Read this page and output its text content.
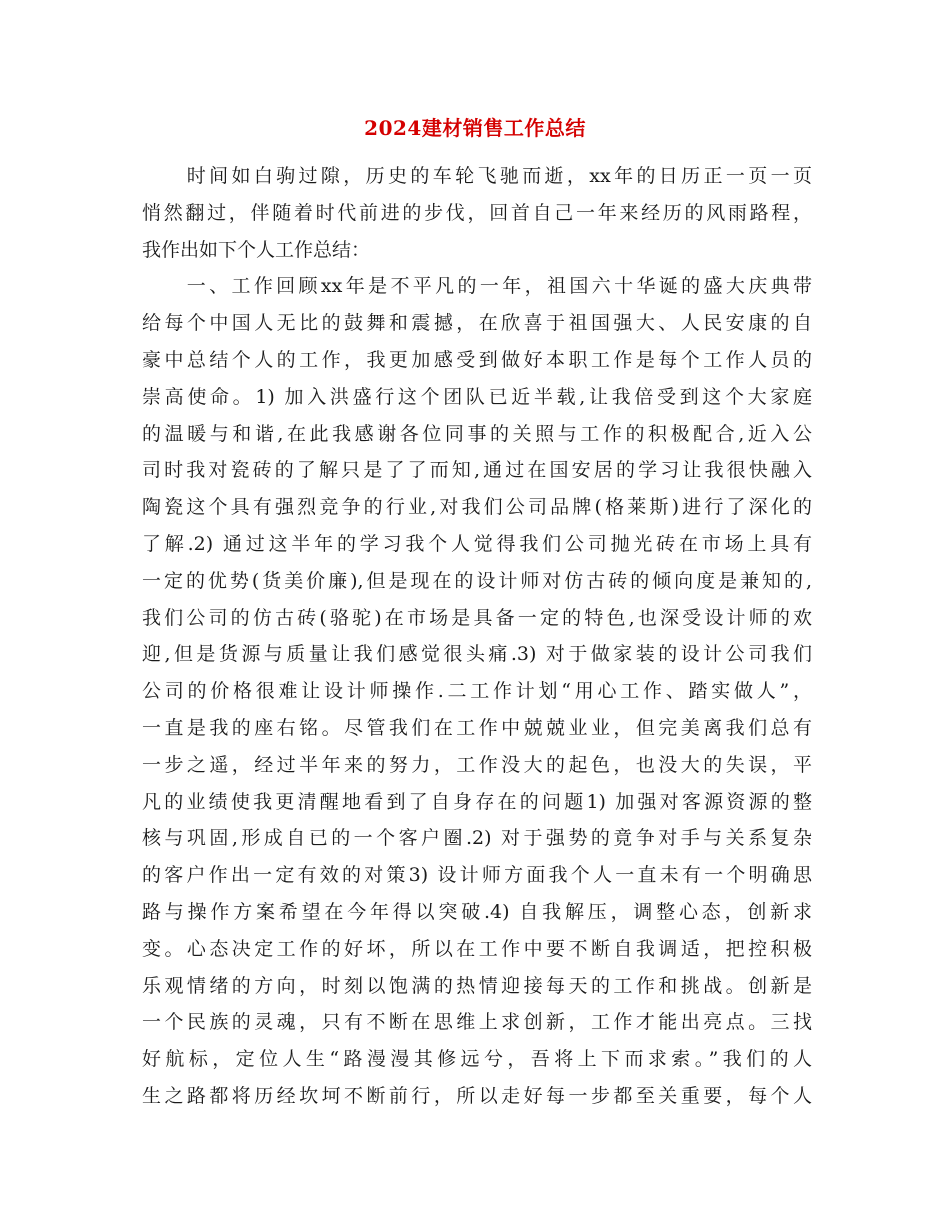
2024建材销售工作总结
　　时间如白驹过隙，历史的车轮飞驰而逝，xx年的日历正一页一页
悄然翻过，伴随着时代前进的步伐，回首自己一年来经历的风雨路程，
我作出如下个人工作总结：
　　一、工作回顾xx年是不平凡的一年，祖国六十华诞的盛大庆典带
给每个中国人无比的鼓舞和震撼，在欣喜于祖国强大、人民安康的自
豪中总结个人的工作，我更加感受到做好本职工作是每个工作人员的
崇高使命。1) 加入洪盛行这个团队已近半载,让我倍受到这个大家庭
的温暖与和谐,在此我感谢各位同事的关照与工作的积极配合,近入公
司时我对瓷砖的了解只是了了而知,通过在国安居的学习让我很快融入
陶瓷这个具有强烈竞争的行业,对我们公司品牌(格莱斯)进行了深化的
了解.2) 通过这半年的学习我个人觉得我们公司抛光砖在市场上具有
一定的优势(货美价廉),但是现在的设计师对仿古砖的倾向度是兼知的,
我们公司的仿古砖(骆驼)在市场是具备一定的特色,也深受设计师的欢
迎,但是货源与质量让我们感觉很头痛.3) 对于做家装的设计公司我们
公司的价格很难让设计师操作.二工作计划“用心工作、踏实做人”，
一直是我的座右铭。尽管我们在工作中兢兢业业，但完美离我们总有
一步之遥，经过半年来的努力，工作没大的起色，也没大的失误，平
凡的业绩使我更清醒地看到了自身存在的问题1) 加强对客源资源的整
核与巩固,形成自已的一个客户圈.2) 对于强势的竟争对手与关系复杂
的客户作出一定有效的对策3) 设计师方面我个人一直未有一个明确思
路与操作方案希望在今年得以突破.4) 自我解压，调整心态，创新求
变。心态决定工作的好坏，所以在工作中要不断自我调适，把控积极
乐观情绪的方向，时刻以饱满的热情迎接每天的工作和挑战。创新是
一个民族的灵魂，只有不断在思维上求创新，工作才能出亮点。三找
好航标，定位人生“路漫漫其修远兮，吾将上下而求索。”我们的人
生之路都将历经坎坷不断前行，所以走好每一步都至关重要，每个人
